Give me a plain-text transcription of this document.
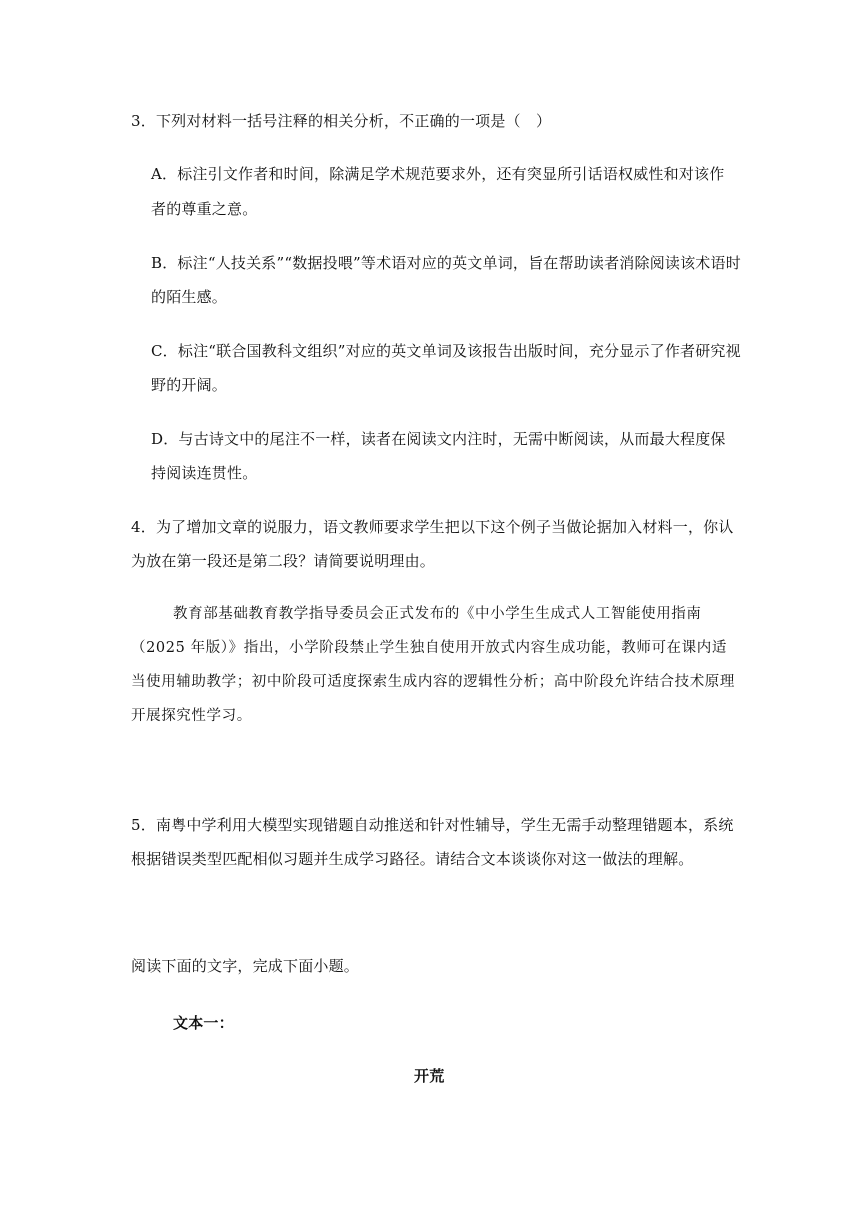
3．下列对材料一括号注释的相关分析，不正确的一项是（　）
A．标注引文作者和时间，除满足学术规范要求外，还有突显所引话语权威性和对该作
者的尊重之意。
B．标注“人技关系”“数据投喂”等术语对应的英文单词，旨在帮助读者消除阅读该术语时
的陌生感。
C．标注“联合国教科文组织”对应的英文单词及该报告出版时间，充分显示了作者研究视
野的开阔。
D．与古诗文中的尾注不一样，读者在阅读文内注时，无需中断阅读，从而最大程度保
持阅读连贯性。
4．为了增加文章的说服力，语文教师要求学生把以下这个例子当做论据加入材料一，你认
为放在第一段还是第二段？请简要说明理由。
教育部基础教育教学指导委员会正式发布的《中小学生生成式人工智能使用指南
（2025 年版）》指出，小学阶段禁止学生独自使用开放式内容生成功能，教师可在课内适
当使用辅助教学；初中阶段可适度探索生成内容的逻辑性分析；高中阶段允许结合技术原理
开展探究性学习。
5．南粤中学利用大模型实现错题自动推送和针对性辅导，学生无需手动整理错题本，系统
根据错误类型匹配相似习题并生成学习路径。请结合文本谈谈你对这一做法的理解。
阅读下面的文字，完成下面小题。
文本一：
开荒
